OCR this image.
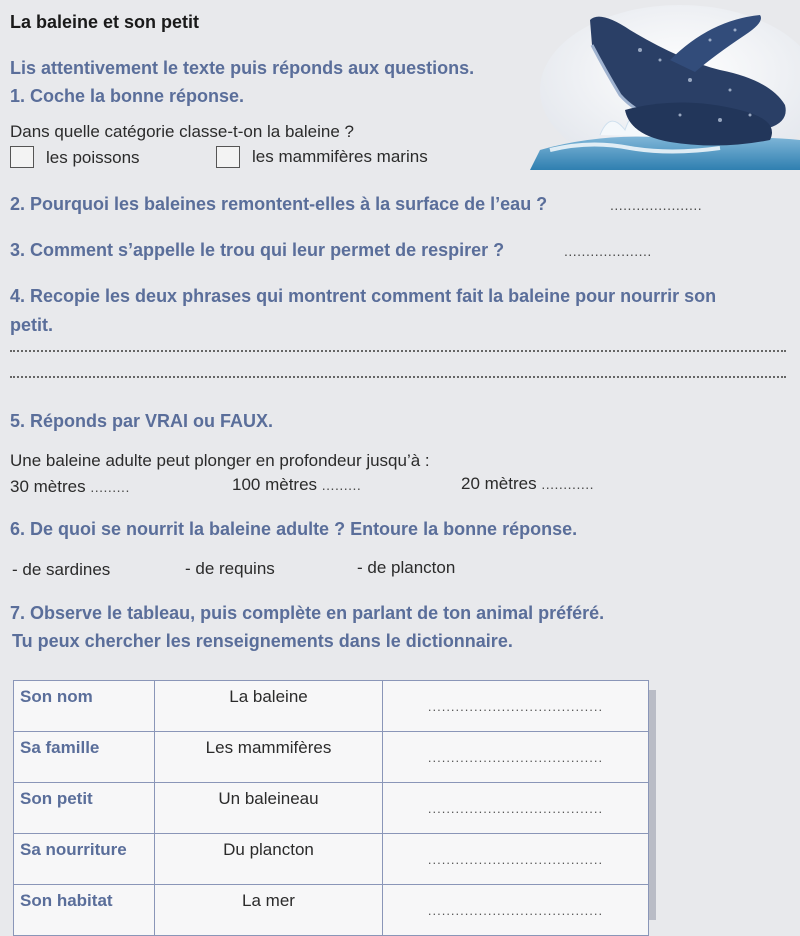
La baleine et son petit
Lis attentivement le texte puis réponds aux questions.
1. Coche la bonne réponse.
Dans quelle catégorie classe-t-on la baleine ?
les poissons	les mammifères marins
2. Pourquoi les baleines remontent-elles à la surface de l’eau ?	.....................
3. Comment s’appelle le trou qui leur permet de respirer ?	....................
4. Recopie les deux phrases qui montrent comment fait la baleine pour nourrir son
petit.
5. Réponds par VRAI ou FAUX.
Une baleine adulte peut plonger en profondeur jusqu’à :
30 mètres .........	100 mètres .........	20 mètres ............
6. De quoi se nourrit la baleine adulte ? Entoure la bonne réponse.
- de sardines	- de requins	- de plancton
7. Observe le tableau, puis complète en parlant de ton animal préféré.
Tu peux chercher les renseignements dans le dictionnaire.
Son nom	La baleine	......................................
Sa famille	Les mammifères	......................................
Son petit	Un baleineau	......................................
Sa nourriture	Du plancton	......................................
Son habitat	La mer	......................................
